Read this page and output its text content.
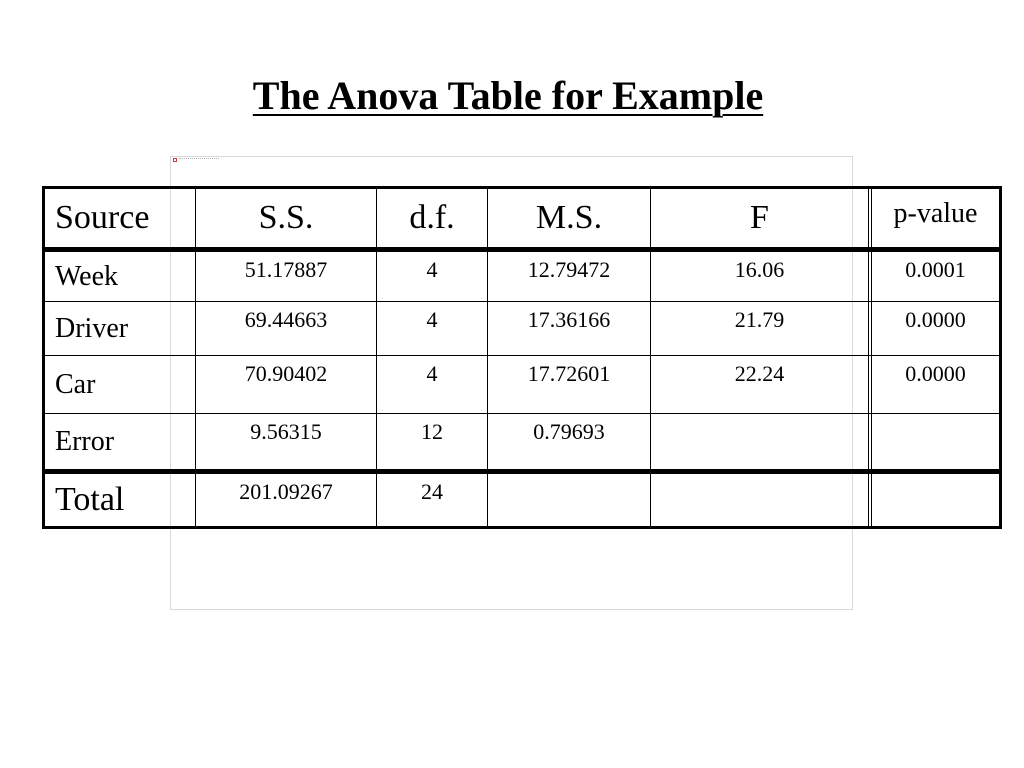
The Anova Table for Example
Source	S.S.	d.f.	M.S.	F		p-value
Week	51.17887	4	12.79472	16.06		0.0001
Driver	69.44663	4	17.36166	21.79		0.0000
Car	70.90402	4	17.72601	22.24		0.0000
Error	9.56315	12	0.79693			
Total	201.09267	24				
